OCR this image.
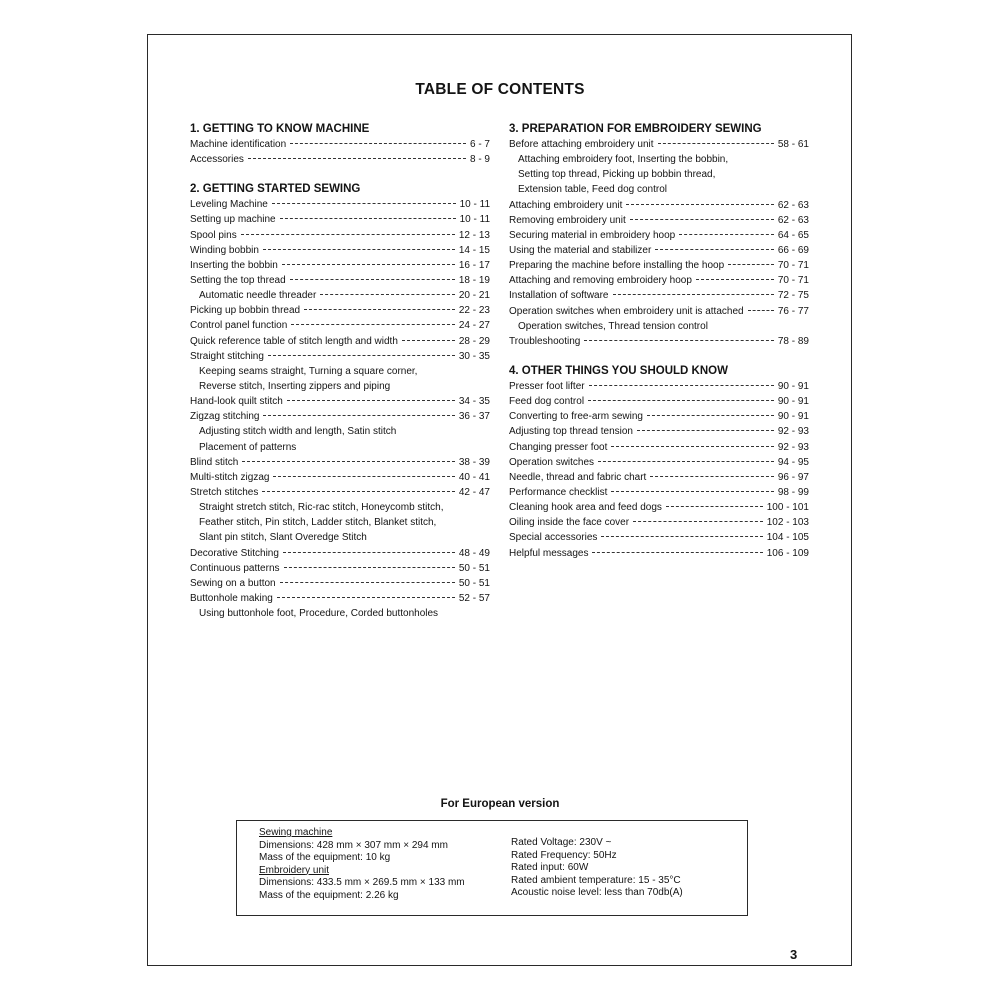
TABLE OF CONTENTS
1. GETTING TO KNOW MACHINE
Machine identification	6 - 7
Accessories	8 - 9
2. GETTING STARTED SEWING
Leveling Machine	10 - 11
Setting up machine	10 - 11
Spool pins	12 - 13
Winding bobbin	14 - 15
Inserting the bobbin	16 - 17
Setting the top thread	18 - 19
Automatic needle threader	20 - 21
Picking up bobbin thread	22 - 23
Control panel function	24 - 27
Quick reference table of stitch length and width	28 - 29
Straight stitching	30 - 35
Keeping seams straight, Turning a square corner,
Reverse stitch, Inserting zippers and piping
Hand-look quilt stitch	34 - 35
Zigzag stitching	36 - 37
Adjusting stitch width and length, Satin stitch
Placement of patterns
Blind stitch	38 - 39
Multi-stitch zigzag	40 - 41
Stretch stitches	42 - 47
Straight stretch stitch, Ric-rac stitch, Honeycomb stitch,
Feather stitch, Pin stitch, Ladder stitch, Blanket stitch,
Slant pin stitch, Slant Overedge Stitch
Decorative Stitching	48 - 49
Continuous patterns	50 - 51
Sewing on a button	50 - 51
Buttonhole making	52 - 57
Using buttonhole foot, Procedure, Corded buttonholes
3. PREPARATION FOR EMBROIDERY SEWING
Before attaching embroidery unit	58 - 61
Attaching embroidery foot, Inserting the bobbin,
Setting top thread, Picking up bobbin thread,
Extension table, Feed dog control
Attaching embroidery unit	62 - 63
Removing embroidery unit	62 - 63
Securing material in embroidery hoop	64 - 65
Using the material and stabilizer	66 - 69
Preparing the machine before installing the hoop	70 - 71
Attaching and removing embroidery hoop	70 - 71
Installation of software	72 - 75
Operation switches when embroidery unit is attached	76 - 77
Operation switches, Thread tension control
Troubleshooting	78 - 89
4. OTHER THINGS YOU SHOULD KNOW
Presser foot lifter	90 - 91
Feed dog control	90 - 91
Converting to free-arm sewing	90 - 91
Adjusting top thread tension	92 - 93
Changing presser foot	92 - 93
Operation switches	94 - 95
Needle, thread and fabric chart	96 - 97
Performance checklist	98 - 99
Cleaning hook area and feed dogs	100 - 101
Oiling inside the face cover	102 - 103
Special accessories	104 - 105
Helpful messages	106 - 109
For European version
Sewing machine
Dimensions: 428 mm × 307 mm × 294 mm
Mass of the equipment: 10 kg
Embroidery unit
Dimensions: 433.5 mm × 269.5 mm × 133 mm
Mass of the equipment: 2.26 kg
Rated Voltage: 230V ~
Rated Frequency: 50Hz
Rated input: 60W
Rated ambient temperature: 15 - 35°C
Acoustic noise level: less than 70db(A)
3
